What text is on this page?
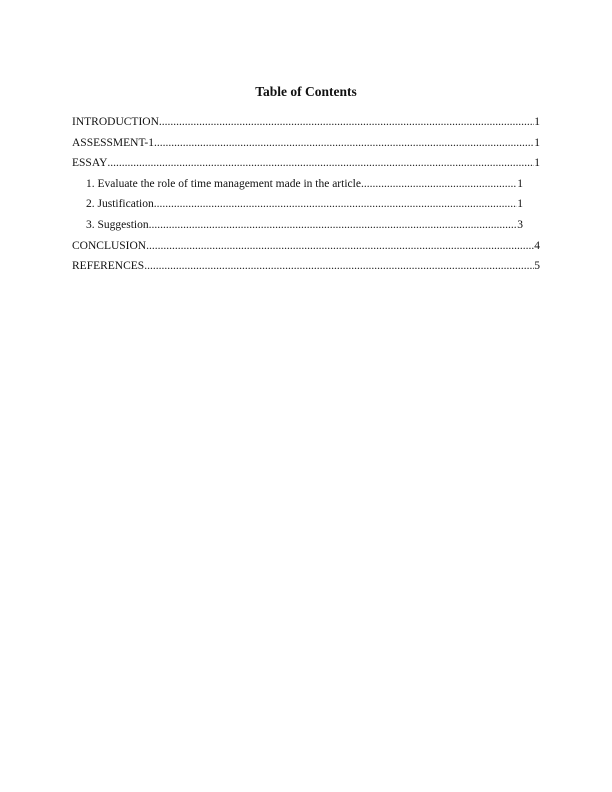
Table of Contents
INTRODUCTION .....	1
ASSESSMENT-1 .....	1
ESSAY .....	1
1. Evaluate the role of time management made in the article .....	1
2. Justification .....	1
3. Suggestion .....	3
CONCLUSION .....	4
REFERENCES .....	5
